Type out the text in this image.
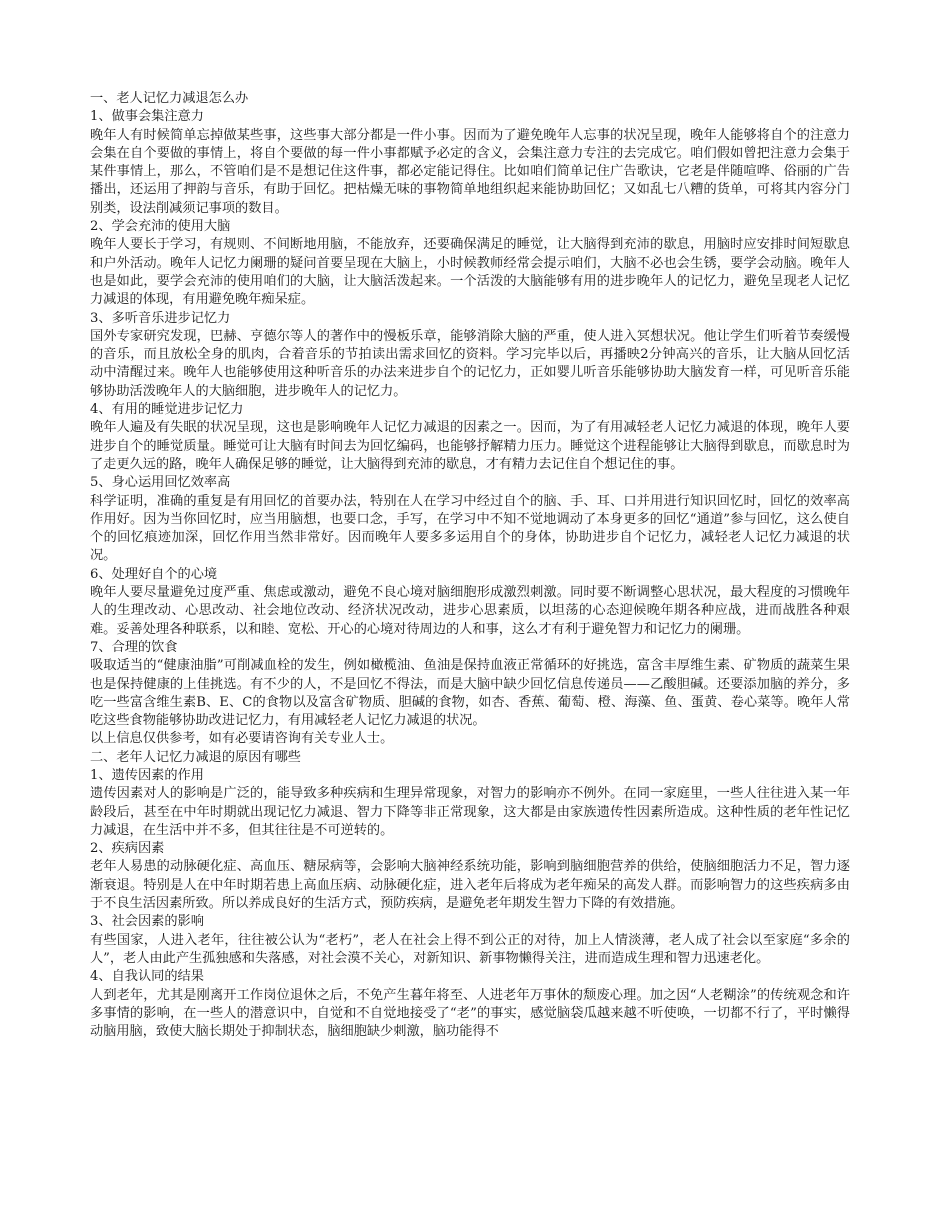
一、老人记忆力减退怎么办
1、做事会集注意力
晚年人有时候简单忘掉做某些事，这些事大部分都是一件小事。因而为了避免晚年人忘事的状况呈现，晚年人能够将自个的注意力会集在自个要做的事情上，将自个要做的每一件小事都赋予必定的含义，会集注意力专注的去完成它。咱们假如曾把注意力会集于某件事情上，那么，不管咱们是不是想记住这件事，都必定能记得住。比如咱们简单记住广告歌诀，它老是伴随喧哗、俗丽的广告播出，还运用了押韵与音乐，有助于回忆。把枯燥无味的事物简单地组织起来能协助回忆；又如乱七八糟的货单，可将其内容分门别类，设法削减须记事项的数目。
2、学会充沛的使用大脑
晚年人要长于学习，有规则、不间断地用脑，不能放弃，还要确保满足的睡觉，让大脑得到充沛的歇息，用脑时应安排时间短歇息和户外活动。晚年人记忆力阑珊的疑问首要呈现在大脑上，小时候教师经常会提示咱们，大脑不必也会生锈，要学会动脑。晚年人也是如此，要学会充沛的使用咱们的大脑，让大脑活泼起来。一个活泼的大脑能够有用的进步晚年人的记忆力，避免呈现老人记忆力减退的体现，有用避免晚年痴呆症。
3、多听音乐进步记忆力
国外专家研究发现，巴赫、亨德尔等人的著作中的慢板乐章，能够消除大脑的严重，使人进入冥想状况。他让学生们听着节奏缓慢的音乐，而且放松全身的肌肉，合着音乐的节拍读出需求回忆的资料。学习完毕以后，再播映2分钟高兴的音乐，让大脑从回忆活动中清醒过来。晚年人也能够使用这种听音乐的办法来进步自个的记忆力，正如婴儿听音乐能够协助大脑发育一样，可见听音乐能够协助活泼晚年人的大脑细胞，进步晚年人的记忆力。
4、有用的睡觉进步记忆力
晚年人遍及有失眠的状况呈现，这也是影响晚年人记忆力减退的因素之一。因而，为了有用减轻老人记忆力减退的体现，晚年人要进步自个的睡觉质量。睡觉可让大脑有时间去为回忆编码，也能够抒解精力压力。睡觉这个进程能够让大脑得到歇息，而歇息时为了走更久远的路，晚年人确保足够的睡觉，让大脑得到充沛的歇息，才有精力去记住自个想记住的事。
5、身心运用回忆效率高
科学证明，准确的重复是有用回忆的首要办法，特别在人在学习中经过自个的脑、手、耳、口并用进行知识回忆时，回忆的效率高作用好。因为当你回忆时，应当用脑想，也要口念，手写，在学习中不知不觉地调动了本身更多的回忆“通道”参与回忆，这么使自个的回忆痕迹加深，回忆作用当然非常好。因而晚年人要多多运用自个的身体，协助进步自个记忆力，减轻老人记忆力减退的状况。
6、处理好自个的心境
晚年人要尽量避免过度严重、焦虑或激动，避免不良心境对脑细胞形成激烈刺激。同时要不断调整心思状况，最大程度的习惯晚年人的生理改动、心思改动、社会地位改动、经济状况改动，进步心思素质，以坦荡的心态迎候晚年期各种应战，进而战胜各种艰难。妥善处理各种联系，以和睦、宽松、开心的心境对待周边的人和事，这么才有利于避免智力和记忆力的阑珊。
7、合理的饮食
吸取适当的“健康油脂”可削减血栓的发生，例如橄榄油、鱼油是保持血液正常循环的好挑选，富含丰厚维生素、矿物质的蔬菜生果也是保持健康的上佳挑选。有不少的人，不是回忆不得法，而是大脑中缺少回忆信息传递员——乙酸胆碱。还要添加脑的养分，多吃一些富含维生素B、E、C的食物以及富含矿物质、胆碱的食物，如杏、香蕉、葡萄、橙、海藻、鱼、蛋黄、卷心菜等。晚年人常吃这些食物能够协助改进记忆力，有用减轻老人记忆力减退的状况。
以上信息仅供参考，如有必要请咨询有关专业人士。
二、老年人记忆力减退的原因有哪些
1、遗传因素的作用
遗传因素对人的影响是广泛的，能导致多种疾病和生理异常现象，对智力的影响亦不例外。在同一家庭里，一些人往往进入某一年龄段后，甚至在中年时期就出现记忆力减退、智力下降等非正常现象，这大都是由家族遗传性因素所造成。这种性质的老年性记忆力减退，在生活中并不多，但其往往是不可逆转的。
2、疾病因素
老年人易患的动脉硬化症、高血压、糖尿病等，会影响大脑神经系统功能，影响到脑细胞营养的供给，使脑细胞活力不足，智力逐渐衰退。特别是人在中年时期若患上高血压病、动脉硬化症，进入老年后将成为老年痴呆的高发人群。而影响智力的这些疾病多由于不良生活因素所致。所以养成良好的生活方式，预防疾病，是避免老年期发生智力下降的有效措施。
3、社会因素的影响
有些国家，人进入老年，往往被公认为“老朽”，老人在社会上得不到公正的对待，加上人情淡薄，老人成了社会以至家庭“多余的人”，老人由此产生孤独感和失落感，对社会漠不关心，对新知识、新事物懒得关注，进而造成生理和智力迅速老化。
4、自我认同的结果
人到老年，尤其是刚离开工作岗位退休之后，不免产生暮年将至、人进老年万事休的颓废心理。加之因“人老糊涂”的传统观念和许多事情的影响，在一些人的潜意识中，自觉和不自觉地接受了“老”的事实，感觉脑袋瓜越来越不听使唤，一切都不行了，平时懒得动脑用脑，致使大脑长期处于抑制状态，脑细胞缺少刺激，脑功能得不
